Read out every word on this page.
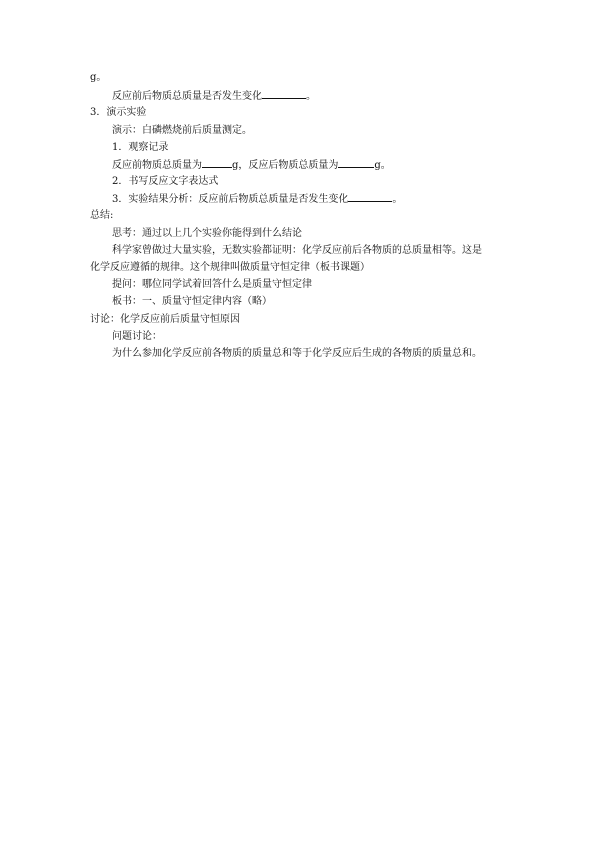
g。
反应前后物质总质量是否发生变化	。
3．演示实验
演示：白磷燃烧前后质量测定。
1．观察记录
反应前物质总质量为	g，反应后物质总质量为	g。
2．书写反应文字表达式
3．实验结果分析：反应前后物质总质量是否发生变化	。
总结:
思考：通过以上几个实验你能得到什么结论
科学家曾做过大量实验，无数实验都证明：化学反应前后各物质的总质量相等。这是
化学反应遵循的规律。这个规律叫做质量守恒定律（板书课题）
提问：哪位同学试着回答什么是质量守恒定律
板书：一、质量守恒定律内容（略）
讨论：化学反应前后质量守恒原因
问题讨论：
为什么参加化学反应前各物质的质量总和等于化学反应后生成的各物质的质量总和。
